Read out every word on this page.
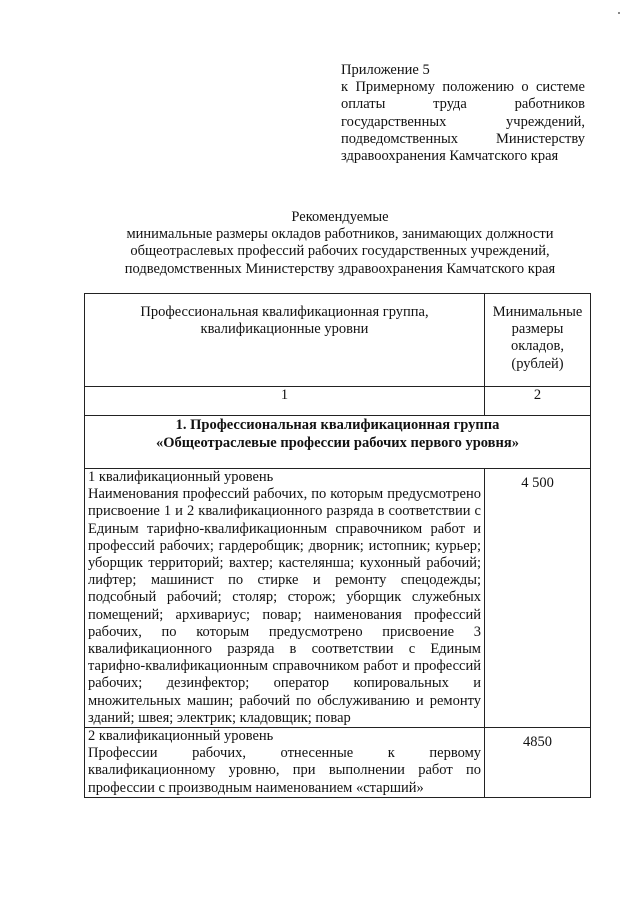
Приложение 5
к Примерному положению о системе
оплаты труда работников
государственных учреждений,
подведомственных Министерству
здравоохранения Камчатского края
Рекомендуемые
минимальные размеры окладов работников, занимающих должности
общеотраслевых профессий рабочих государственных учреждений,
подведомственных Министерству здравоохранения Камчатского края
Профессиональная квалификационная группа, квалификационные уровни	Минимальные размеры окладов, (рублей)
1	2

1. Профессиональная квалификационная группа
«Общеотраслевые профессии рабочих первого уровня»	

1 квалификационный уровень
Наименования профессий рабочих, по которым предусмотрено присвоение 1 и 2 квалификационного разряда в соответствии с Единым тарифно-квалификационным справочником работ и профессий рабочих; гардеробщик; дворник; истопник; курьер; уборщик территорий; вахтер; кастелянша; кухонный рабочий; лифтер; машинист по стирке и ремонту спецодежды; подсобный рабочий; столяр; сторож; уборщик служебных помещений; архивариус; повар; наименования профессий рабочих, по которым предусмотрено присвоение 3 квалификационного разряда в соответствии с Единым тарифно-квалификационным справочником работ и профессий рабочих; дезинфектор; оператор копировальных и множительных машин; рабочий по обслуживанию и ремонту зданий; швея; электрик; кладовщик; повар	4 500

2 квалификационный уровень
Профессии рабочих, отнесенные к первому квалификационному уровню, при выполнении работ по профессии с производным наименованием «старший»	4850
